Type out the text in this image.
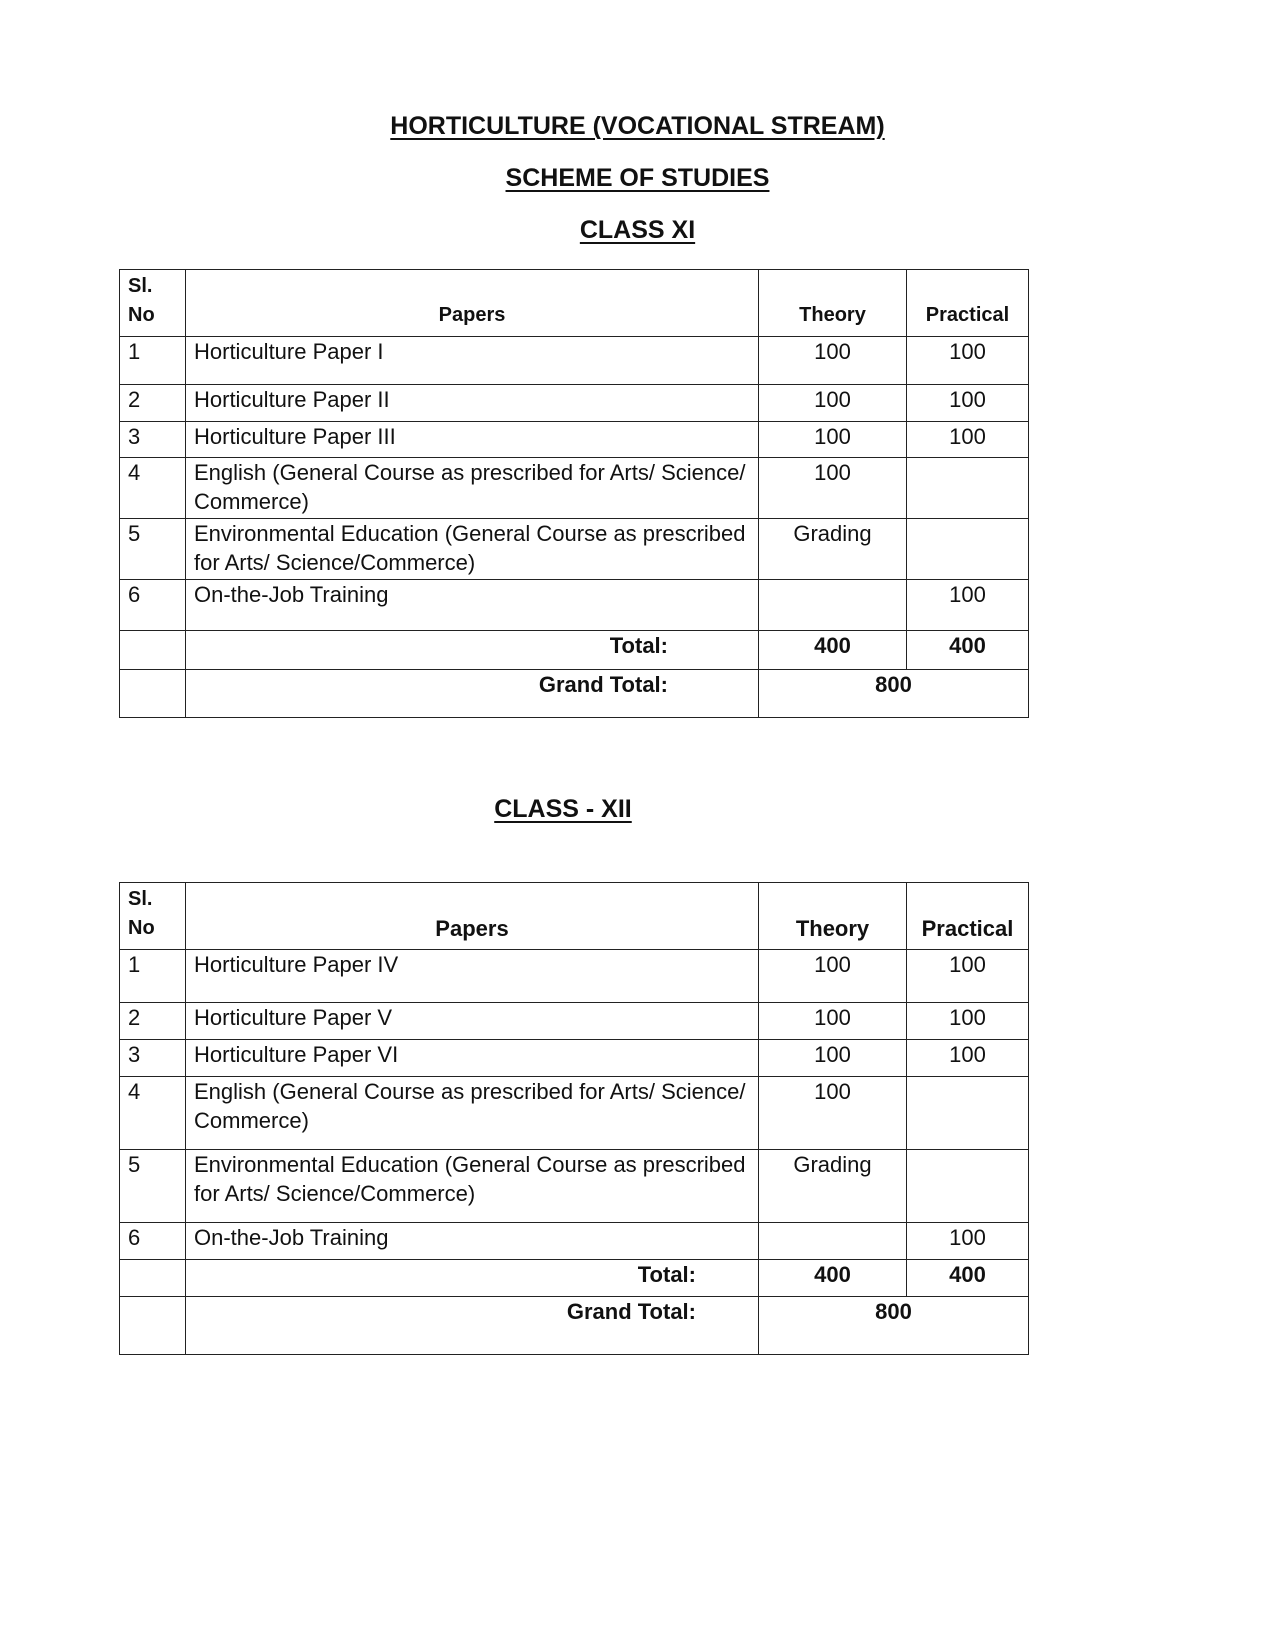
HORTICULTURE (VOCATIONAL STREAM)
SCHEME OF STUDIES
CLASS XI
Sl.
No	Papers	Theory	Practical
1	Horticulture Paper I	100	100
2	Horticulture Paper II	100	100
3	Horticulture Paper III	100	100
4	English (General Course as prescribed for Arts/ Science/ Commerce)	100	
5	Environmental Education (General Course as prescribed for Arts/ Science/Commerce)	Grading	
6	On-the-Job Training		100
	Total:	400	400
	Grand Total:	800	
CLASS - XII
Sl.
No	Papers	Theory	Practical
1	Horticulture Paper IV	100	100
2	Horticulture Paper V	100	100
3	Horticulture Paper VI	100	100
4	English (General Course as prescribed for Arts/ Science/ Commerce)	100	
5	Environmental Education (General Course as prescribed for Arts/ Science/Commerce)	Grading	
6	On-the-Job Training		100
	Total:	400	400
	Grand Total:	800	
